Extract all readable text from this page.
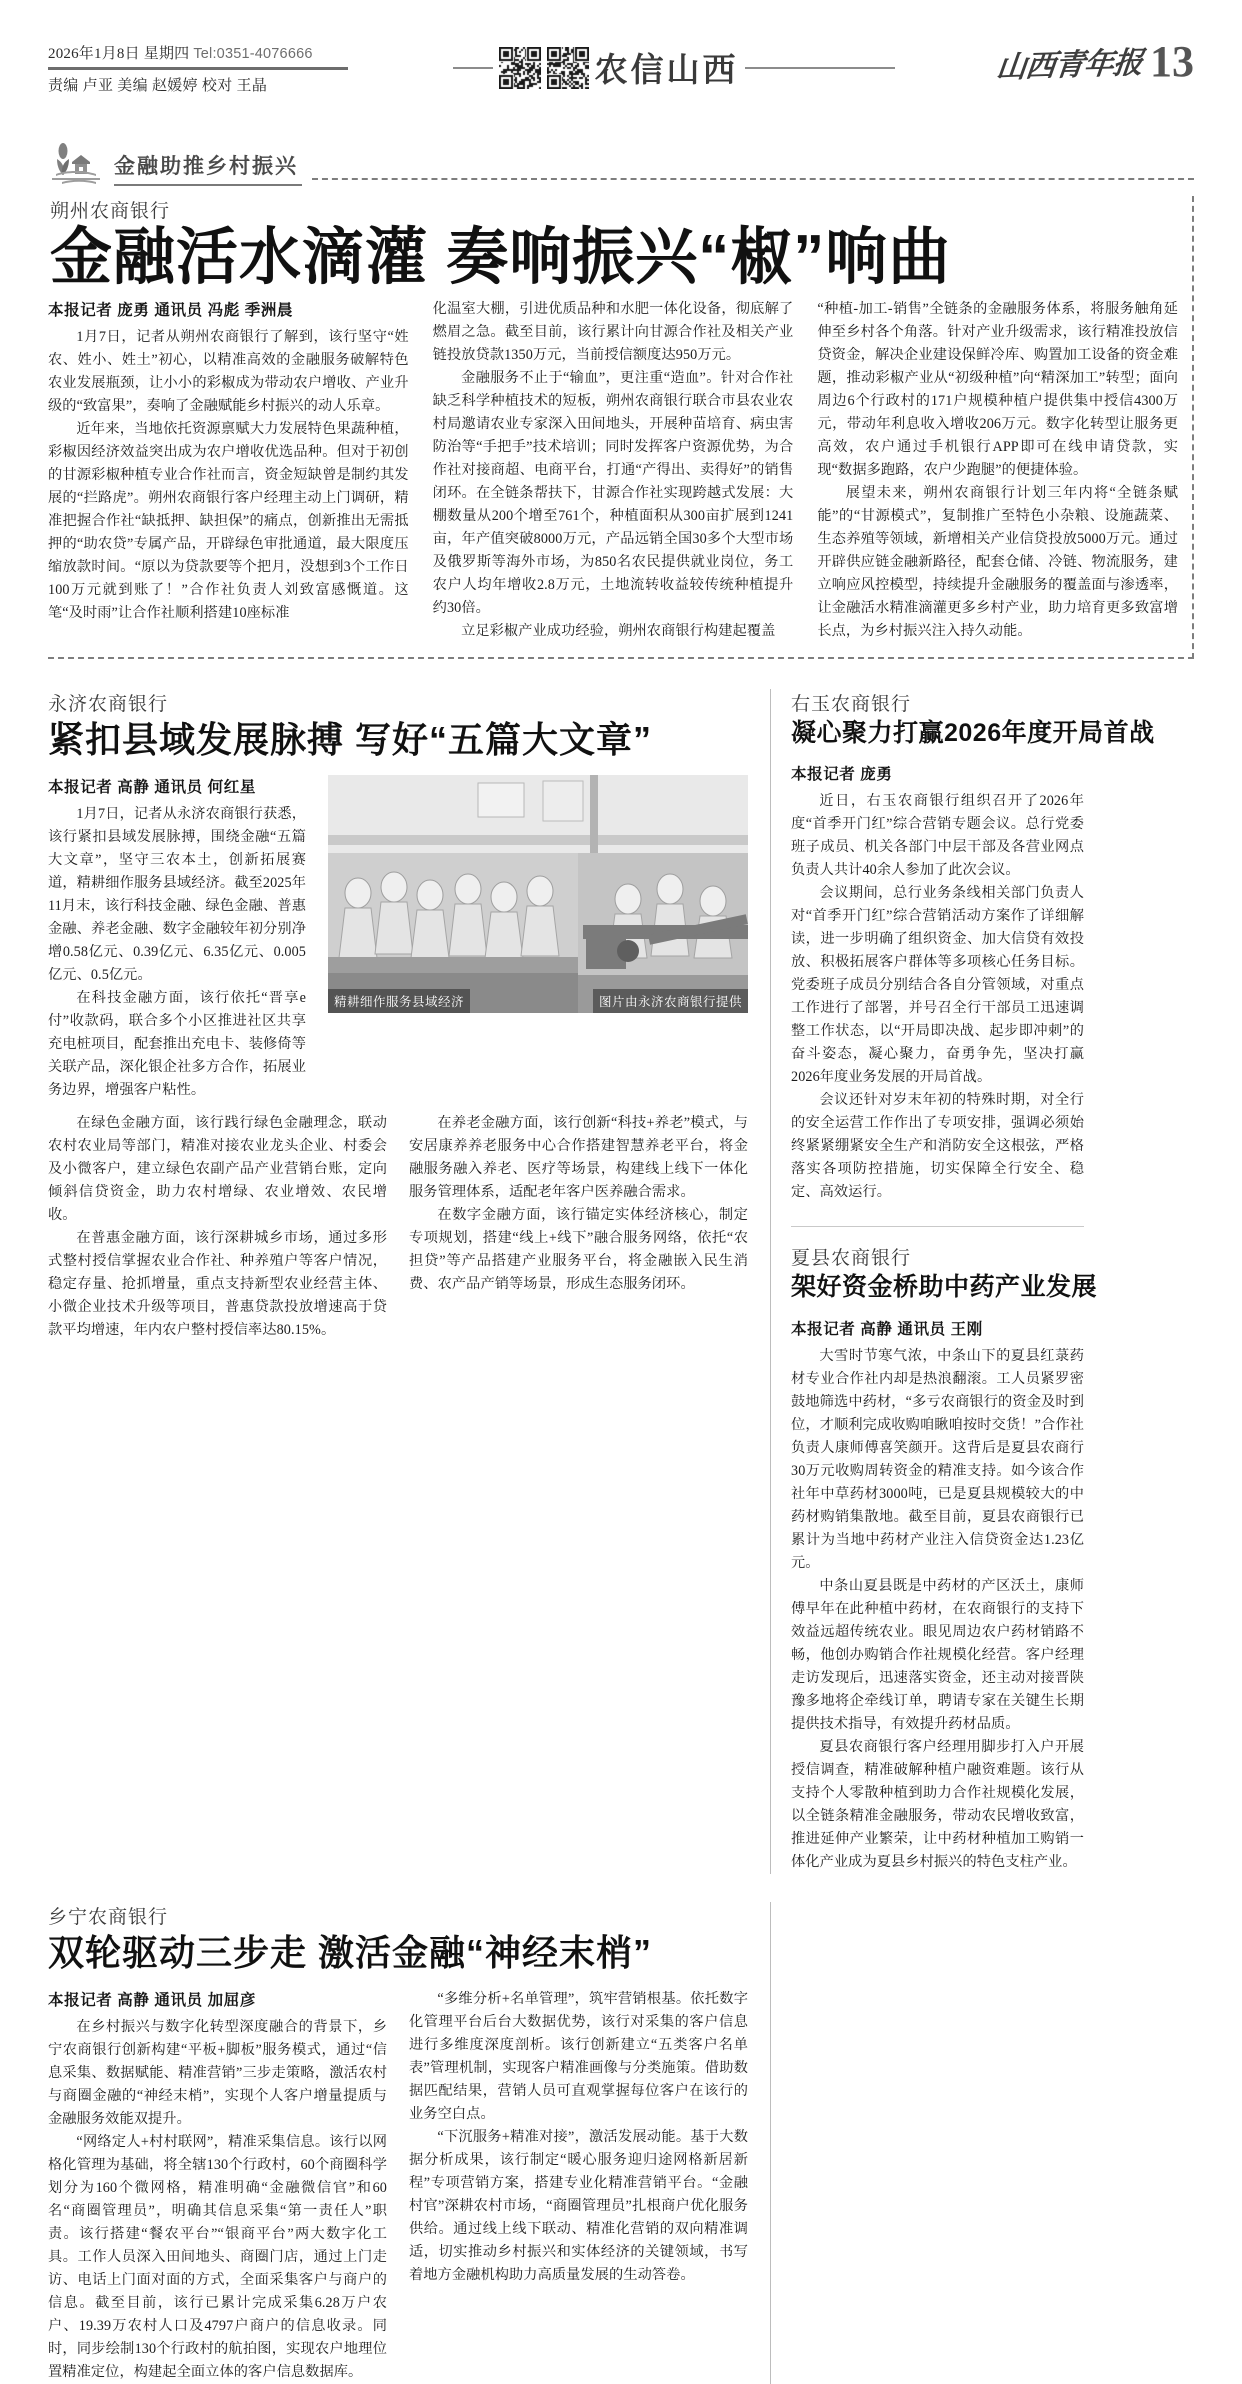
2026年1月8日 星期四 Tel:0351-4076666
责编 卢亚 美编 赵媛婷 校对 王晶	农信山西	山西青年报 13
金融助推乡村振兴
朔州农商银行
金融活水滴灌 奏响振兴“椒”响曲
本报记者 庞勇 通讯员 冯彪 季洲晨

1月7日，记者从朔州农商银行了解到，该行坚守“姓农、姓小、姓土”初心，以精准高效的金融服务破解特色农业发展瓶颈，让小小的彩椒成为带动农户增收、产业升级的“致富果”，奏响了金融赋能乡村振兴的动人乐章。

近年来，当地依托资源禀赋大力发展特色果蔬种植，彩椒因经济效益突出成为农户增收优选品种。但对于初创的甘源彩椒种植专业合作社而言，资金短缺曾是制约其发展的“拦路虎”。朔州农商银行客户经理主动上门调研，精准把握合作社“缺抵押、缺担保”的痛点，创新推出无需抵押的“助农贷”专属产品，开辟绿色审批通道，最大限度压缩放款时间。“原以为贷款要等个把月，没想到3个工作日100万元就到账了！”合作社负责人刘致富感慨道。这笔“及时雨”让合作社顺利搭建10座标准

化温室大棚，引进优质品种和水肥一体化设备，彻底解了燃眉之急。截至目前，该行累计向甘源合作社及相关产业链投放贷款1350万元，当前授信额度达950万元。

金融服务不止于“输血”，更注重“造血”。针对合作社缺乏科学种植技术的短板，朔州农商银行联合市县农业农村局邀请农业专家深入田间地头，开展种苗培育、病虫害防治等“手把手”技术培训；同时发挥客户资源优势，为合作社对接商超、电商平台，打通“产得出、卖得好”的销售闭环。在全链条帮扶下，甘源合作社实现跨越式发展：大棚数量从200个增至761个，种植面积从300亩扩展到1241亩，年产值突破8000万元，产品远销全国30多个大型市场及俄罗斯等海外市场，为850名农民提供就业岗位，务工农户人均年增收2.8万元，土地流转收益较传统种植提升约30倍。

立足彩椒产业成功经验，朔州农商银行构建起覆盖

“种植-加工-销售”全链条的金融服务体系，将服务触角延伸至乡村各个角落。针对产业升级需求，该行精准投放信贷资金，解决企业建设保鲜冷库、购置加工设备的资金难题，推动彩椒产业从“初级种植”向“精深加工”转型；面向周边6个行政村的171户规模种植户提供集中授信4300万元，带动年利息收入增收206万元。数字化转型让服务更高效，农户通过手机银行APP即可在线申请贷款，实现“数据多跑路，农户少跑腿”的便捷体验。

展望未来，朔州农商银行计划三年内将“全链条赋能”的“甘源模式”，复制推广至特色小杂粮、设施蔬菜、生态养殖等领域，新增相关产业信贷投放5000万元。通过开辟供应链金融新路径，配套仓储、冷链、物流服务，建立响应风控模型，持续提升金融服务的覆盖面与渗透率，让金融活水精准滴灌更多乡村产业，助力培育更多致富增长点，为乡村振兴注入持久动能。

永济农商银行
紧扣县域发展脉搏 写好“五篇大文章”
本报记者 高静 通讯员 何红星

1月7日，记者从永济农商银行获悉，该行紧扣县域发展脉搏，围绕金融“五篇大文章”，坚守三农本土，创新拓展赛道，精耕细作服务县域经济。截至2025年11月末，该行科技金融、绿色金融、普惠金融、养老金融、数字金融较年初分别净增0.58亿元、0.39亿元、6.35亿元、0.005亿元、0.5亿元。

在科技金融方面，该行依托“晋享e付”收款码，联合多个小区推进社区共享充电桩项目，配套推出充电卡、装修倚等关联产品，深化银企社多方合作，拓展业务边界，增强客户粘性。

精耕细作服务县域经济	图片由永济农商银行提供

在绿色金融方面，该行践行绿色金融理念，联动农村农业局等部门，精准对接农业龙头企业、村委会及小微客户，建立绿色农副产品产业营销台账，定向倾斜信贷资金，助力农村增绿、农业增效、农民增收。

在普惠金融方面，该行深耕城乡市场，通过多形式整村授信掌握农业合作社、种养殖户等客户情况，稳定存量、抢抓增量，重点支持新型农业经营主体、小微企业技术升级等项目，普惠贷款投放增速高于贷款平均增速，年内农户整村授信率达80.15%。

在养老金融方面，该行创新“科技+养老”模式，与安居康养养老服务中心合作搭建智慧养老平台，将金融服务融入养老、医疗等场景，构建线上线下一体化服务管理体系，适配老年客户医养融合需求。

在数字金融方面，该行锚定实体经济核心，制定专项规划，搭建“线上+线下”融合服务网络，依托“农担贷”等产品搭建产业服务平台，将金融嵌入民生消费、农产品产销等场景，形成生态服务闭环。

右玉农商银行
凝心聚力打赢2026年度开局首战
本报记者 庞勇

近日，右玉农商银行组织召开了2026年度“首季开门红”综合营销专题会议。总行党委班子成员、机关各部门中层干部及各营业网点负责人共计40余人参加了此次会议。

会议期间，总行业务条线相关部门负责人对“首季开门红”综合营销活动方案作了详细解读，进一步明确了组织资金、加大信贷有效投放、积极拓展客户群体等多项核心任务目标。党委班子成员分别结合各自分管领域，对重点工作进行了部署，并号召全行干部员工迅速调整工作状态，以“开局即决战、起步即冲刺”的奋斗姿态，凝心聚力，奋勇争先，坚决打赢2026年度业务发展的开局首战。

会议还针对岁末年初的特殊时期，对全行的安全运营工作作出了专项安排，强调必须始终紧紧绷紧安全生产和消防安全这根弦，严格落实各项防控措施，切实保障全行安全、稳定、高效运行。

夏县农商银行
架好资金桥助中药产业发展
本报记者 高静 通讯员 王刚

大雪时节寒气浓，中条山下的夏县红菉药材专业合作社内却是热浪翻滚。工人员紧罗密鼓地筛选中药材，“多亏农商银行的资金及时到位，才顺利完成收购咱瞅咱按时交货！”合作社负责人康师傅喜笑颜开。这背后是夏县农商行30万元收购周转资金的精准支持。如今该合作社年中草药材3000吨，已是夏县规模较大的中药材购销集散地。截至目前，夏县农商银行已累计为当地中药材产业注入信贷资金达1.23亿元。

中条山夏县既是中药材的产区沃土，康师傅早年在此种植中药材，在农商银行的支持下效益远超传统农业。眼见周边农户药材销路不畅，他创办购销合作社规模化经营。客户经理走访发现后，迅速落实资金，还主动对接晋陕豫多地将企牵线订单，聘请专家在关键生长期提供技术指导，有效提升药材品质。

夏县农商银行客户经理用脚步打入户开展授信调查，精准破解种植户融资难题。该行从支持个人零散种植到助力合作社规模化发展，以全链条精准金融服务，带动农民增收致富，推进延伸产业繁荣，让中药材种植加工购销一体化产业成为夏县乡村振兴的特色支柱产业。

乡宁农商银行
双轮驱动三步走 激活金融“神经末梢”
本报记者 高静 通讯员 加屈彦

在乡村振兴与数字化转型深度融合的背景下，乡宁农商银行创新构建“平板+脚板”服务模式，通过“信息采集、数据赋能、精准营销”三步走策略，激活农村与商圈金融的“神经末梢”，实现个人客户增量提质与金融服务效能双提升。

“网络定人+村村联网”，精准采集信息。该行以网格化管理为基础，将全辖130个行政村，60个商圈科学划分为160个微网格，精准明确“金融微信官”和60名“商圈管理员”，明确其信息采集“第一责任人”职责。该行搭建“餐农平台”“银商平台”两大数字化工具。工作人员深入田间地头、商圈门店，通过上门走访、电话上门面对面的方式，全面采集客户与商户的信息。截至目前，该行已累计完成采集6.28万户农户、19.39万农村人口及4797户商户的信息收录。同时，同步绘制130个行政村的航拍图，实现农户地理位置精准定位，构建起全面立体的客户信息数据库。

“多维分析+名单管理”，筑牢营销根基。依托数字化管理平台后台大数据优势，该行对采集的客户信息进行多维度深度剖析。该行创新建立“五类客户名单表”管理机制，实现客户精准画像与分类施策。借助数据匹配结果，营销人员可直观掌握每位客户在该行的业务空白点。

“下沉服务+精准对接”，激活发展动能。基于大数据分析成果，该行制定“暖心服务迎归途网格新居新程”专项营销方案，搭建专业化精准营销平台。“金融村官”深耕农村市场，“商圈管理员”扎根商户优化服务供给。通过线上线下联动、精准化营销的双向精准调适，切实推动乡村振兴和实体经济的关键领域，书写着地方金融机构助力高质量发展的生动答卷。
